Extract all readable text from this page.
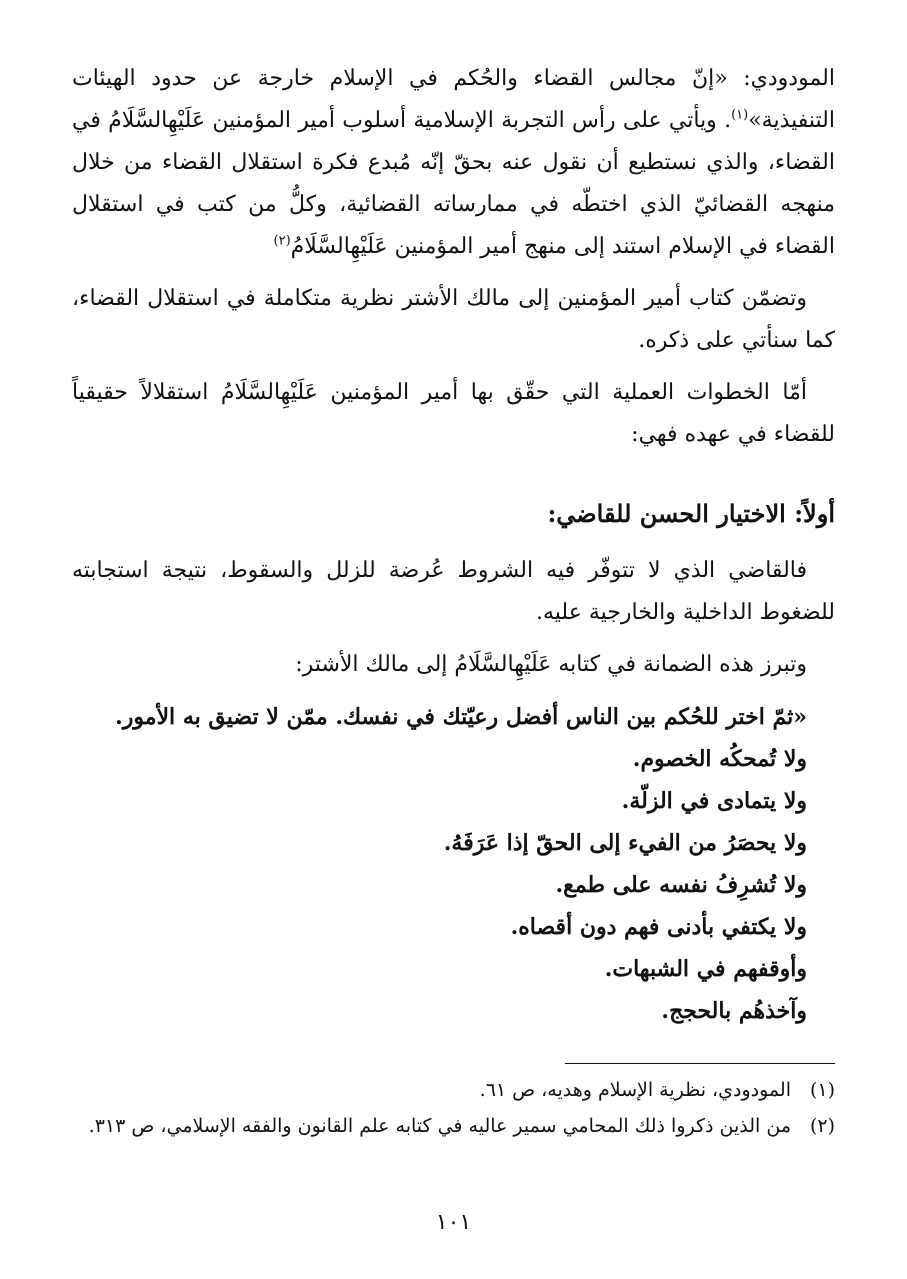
المودودي: «إنّ مجالس القضاء والحُكم في الإسلام خارجة عن حدود الهيئات التنفيذية»$^{(١)}$. ويأتي على رأس التجربة الإسلامية أسلوب أمير المؤمنين عَلَيْهِالسَّلَامُ في القضاء، والذي نستطيع أن نقول عنه بحقّ إنّه مُبدع فكرة استقلال القضاء من خلال منهجه القضائيّ الذي اختطّه في ممارساته القضائية، وكلُّ من كتب في استقلال القضاء في الإسلام استند إلى منهج أمير المؤمنين عَلَيْهِالسَّلَامُ$^{(٢)}$

وتضمّن كتاب أمير المؤمنين إلى مالك الأشتر نظرية متكاملة في استقلال القضاء، كما سنأتي على ذكره.

أمّا الخطوات العملية التي حقّق بها أمير المؤمنين عَلَيْهِالسَّلَامُ استقلالاً حقيقياً للقضاء في عهده فهي:

أولاً: الاختيار الحسن للقاضي:

فالقاضي الذي لا تتوفّر فيه الشروط عُرضة للزلل والسقوط، نتيجة استجابته للضغوط الداخلية والخارجية عليه.

وتبرز هذه الضمانة في كتابه عَلَيْهِالسَّلَامُ إلى مالك الأشتر:

«ثمّ اختر للحُكم بين الناس أفضل رعيّتك في نفسك. ممّن لا تضيق به الأمور.
ولا تُمحكُه الخصوم.
ولا يتمادى في الزلّة.
ولا يحصَرُ من الفيء إلى الحقّ إذا عَرَفَهُ.
ولا تُشرِفُ نفسه على طمع.
ولا يكتفي بأدنى فهم دون أقصاه.
وأوقفهم في الشبهات.
وآخذهُم بالحجج.
(١)
المودودي، نظرية الإسلام وهديه، ص ٦١.
(٢)
من الذين ذكروا ذلك المحامي سمير عاليه في كتابه علم القانون والفقه الإسلامي، ص ٣١٣.
١٠١
